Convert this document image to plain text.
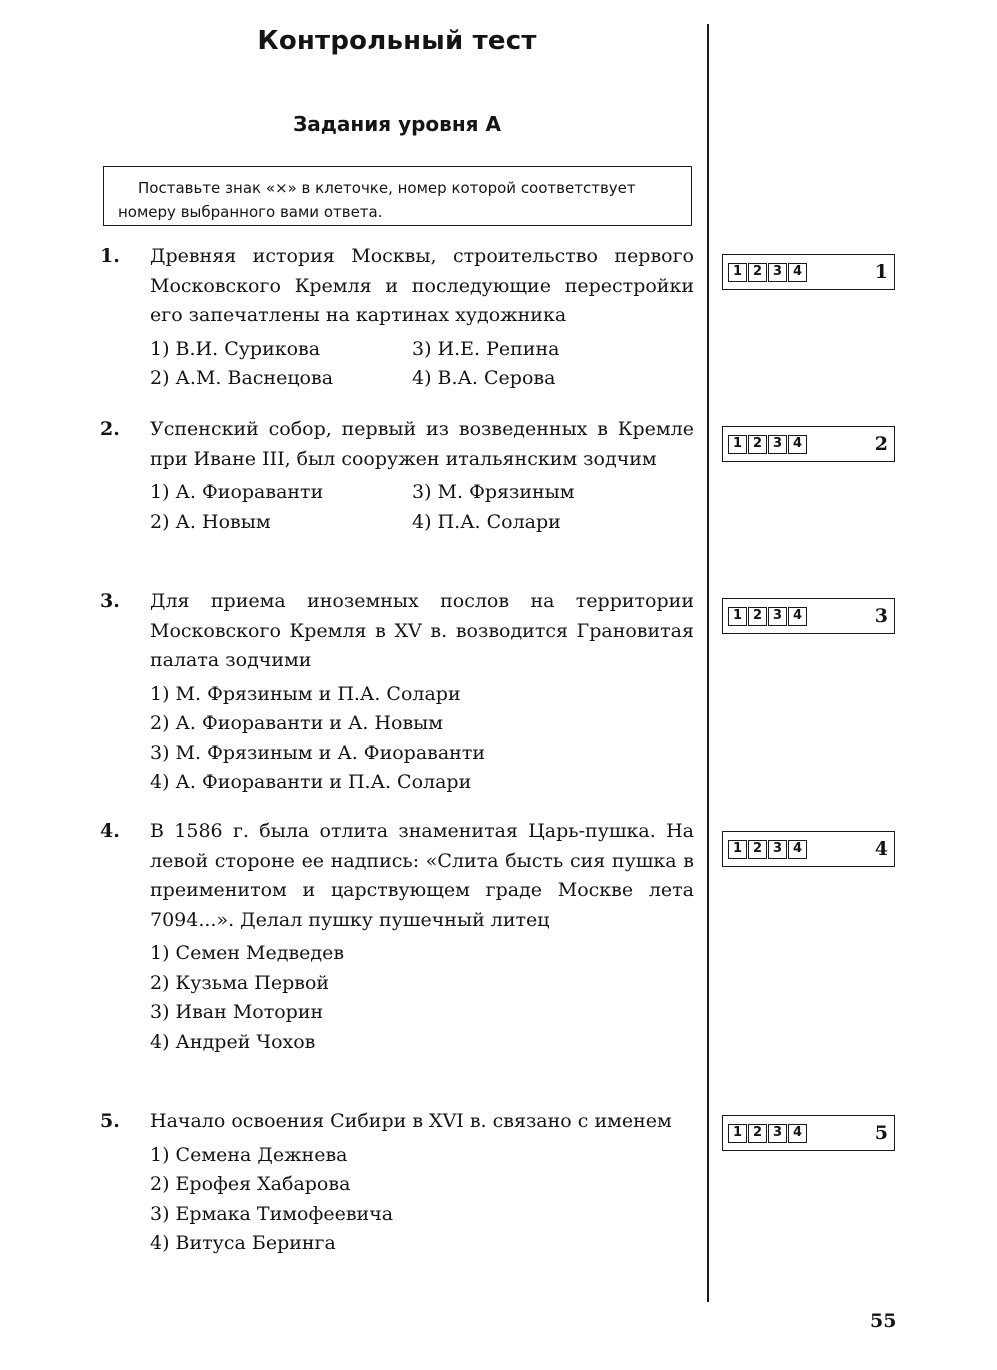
Контрольный тест
Задания уровня А
Поставьте знак «×» в клеточке, номер которой соответствует номеру выбранного вами ответа.
1. Древняя история Москвы, строительство первого Московского Кремля и последующие перестройки его запечатлены на картинах художника
1) В.И. Сурикова	3) И.Е. Репина
2) А.М. Васнецова	4) В.А. Серова
1 2 3 4	1
2. Успенский собор, первый из возведенных в Кремле при Иване III, был сооружен итальянским зодчим
1) А. Фиораванти	3) М. Фрязиным
2) А. Новым	4) П.А. Солари
1 2 3 4	2
3. Для приема иноземных послов на территории Московского Кремля в XV в. возводится Грановитая палата зодчими
1) М. Фрязиным и П.А. Солари
2) А. Фиораванти и А. Новым
3) М. Фрязиным и А. Фиораванти
4) А. Фиораванти и П.А. Солари
1 2 3 4	3
4. В 1586 г. была отлита знаменитая Царь-пушка. На левой стороне ее надпись: «Слита бысть сия пушка в преименитом и царствующем граде Москве лета 7094...». Делал пушку пушечный литец
1) Семен Медведев
2) Кузьма Первой
3) Иван Моторин
4) Андрей Чохов
1 2 3 4	4
5. Начало освоения Сибири в XVI в. связано с именем
1) Семена Дежнева
2) Ерофея Хабарова
3) Ермака Тимофеевича
4) Витуса Беринга
1 2 3 4	5
55
